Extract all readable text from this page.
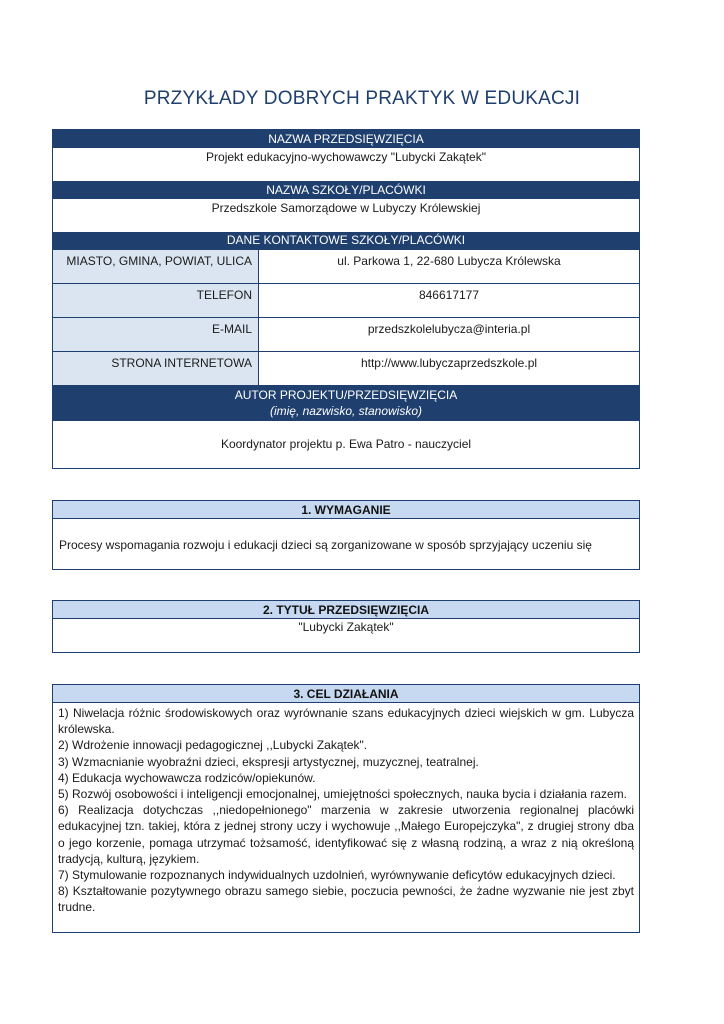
PRZYKŁADY DOBRYCH PRAKTYK W EDUKACJI
NAZWA PRZEDSIĘWZIĘCIA
Projekt edukacyjno-wychowawczy "Lubycki Zakątek"
NAZWA SZKOŁY/PLACÓWKI
Przedszkole Samorządowe w Lubyczy Królewskiej
DANE KONTAKTOWE SZKOŁY/PLACÓWKI
MIASTO, GMINA, POWIAT, ULICA	ul. Parkowa 1, 22-680 Lubycza Królewska
TELEFON	846617177
E-MAIL	przedszkolelubycza@interia.pl
STRONA INTERNETOWA	http://www.lubyczaprzedszkole.pl
AUTOR PROJEKTU/PRZEDSIĘWZIĘCIA
(imię, nazwisko, stanowisko)
Koordynator projektu p. Ewa Patro - nauczyciel
1. WYMAGANIE
Procesy wspomagania rozwoju i edukacji dzieci są zorganizowane w sposób sprzyjający uczeniu się
2. TYTUŁ PRZEDSIĘWZIĘCIA
"Lubycki Zakątek"
3. CEL DZIAŁANIA
1) Niwelacja różnic środowiskowych oraz wyrównanie szans edukacyjnych dzieci wiejskich w gm. Lubycza królewska.
2) Wdrożenie innowacji pedagogicznej ,,Lubycki Zakątek".
3) Wzmacnianie wyobraźni dzieci, ekspresji artystycznej, muzycznej, teatralnej.
4) Edukacja wychowawcza rodziców/opiekunów.
5) Rozwój osobowości i inteligencji emocjonalnej, umiejętności społecznych, nauka bycia i działania razem.
6) Realizacja dotychczas ,,niedopełnionego" marzenia w zakresie utworzenia regionalnej placówki edukacyjnej tzn. takiej, która z jednej strony uczy i wychowuje ,,Małego Europejczyka", z drugiej strony dba o jego korzenie, pomaga utrzymać tożsamość, identyfikować się z własną rodziną, a wraz z nią określoną tradycją, kulturą, językiem.
7) Stymulowanie rozpoznanych indywidualnych uzdolnień, wyrównywanie deficytów edukacyjnych dzieci.
8) Kształtowanie pozytywnego obrazu samego siebie, poczucia pewności, że żadne wyzwanie nie jest zbyt trudne.
